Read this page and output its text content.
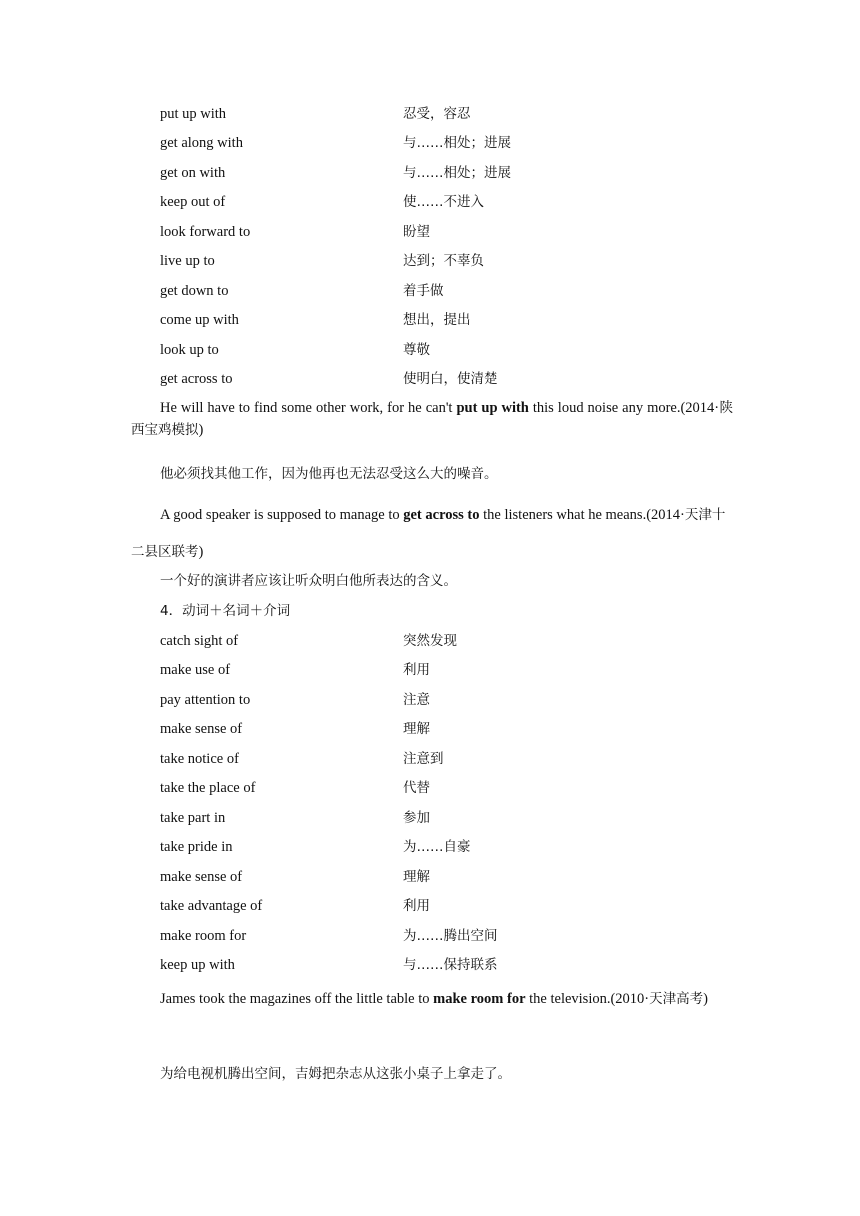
put up with	忍受，容忍
get along with	与……相处；进展
get on with	与……相处；进展
keep out of	使……不进入
look forward to	盼望
live up to	达到；不辜负
get down to	着手做
come up with	想出，提出
look up to	尊敬
get across to	使明白，使清楚
He will have to find some other work, for he can't put up with this loud noise any more.(2014·陕西宝鸡模拟)
他必须找其他工作，因为他再也无法忍受这么大的噪音。
A good speaker is supposed to manage to get across to the listeners what he means.(2014·天津十二县区联考)
一个好的演讲者应该让听众明白他所表达的含义。
4．动词＋名词＋介词
catch sight of	突然发现
make use of	利用
pay attention to	注意
make sense of	理解
take notice of	注意到
take the place of	代替
take part in	参加
take pride in	为……自豪
make sense of	理解
take advantage of	利用
make room for	为……腾出空间
keep up with	与……保持联系
James took the magazines off the little table to make room for the television.(2010·天津高考)
为给电视机腾出空间，吉姆把杂志从这张小桌子上拿走了。
